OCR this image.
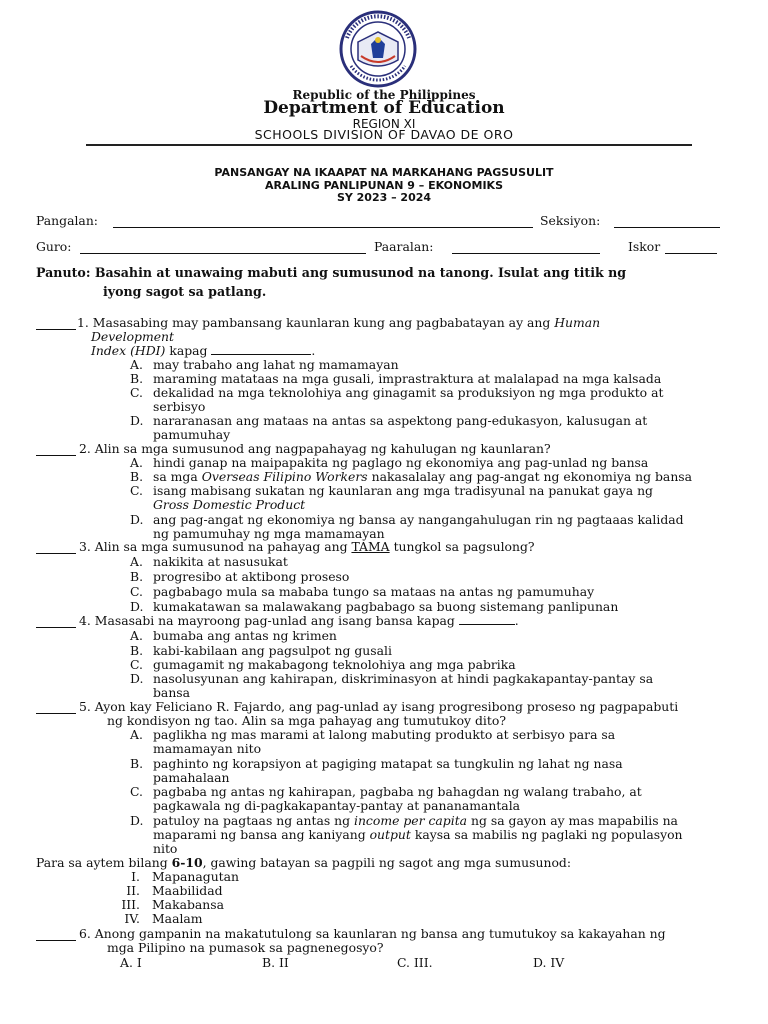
Republic of the Philippines
Department of Education
REGION XI
SCHOOLS DIVISION OF DAVAO DE ORO
PANSANGAY NA IKAAPAT NA MARKAHANG PAGSUSULIT
ARALING PANLIPUNAN 9 – EKONOMIKS
SY 2023 – 2024
Pangalan:	Seksiyon:
Guro:	Paaralan:	Iskor
Panuto: Basahin at unawaing mabuti ang sumusunod na tanong. Isulat ang titik ng
iyong sagot sa patlang.
1. Masasabing may pambansang kaunlaran kung ang pagbabatayan ay ang Human
Development
Index (HDI) kapag	.
A. may trabaho ang lahat ng mamamayan
B. maraming matataas na mga gusali, imprastraktura at malalapad na mga kalsada
C. dekalidad na mga teknolohiya ang ginagamit sa produksiyon ng mga produkto at
serbisyo
D. nararanasan ang mataas na antas sa aspektong pang-edukasyon, kalusugan at
pamumuhay
2. Alin sa mga sumusunod ang nagpapahayag ng kahulugan ng kaunlaran?
A. hindi ganap na maipapakita ng paglago ng ekonomiya ang pag-unlad ng bansa
B. sa mga Overseas Filipino Workers nakasalalay ang pag-angat ng ekonomiya ng bansa
C. isang mabisang sukatan ng kaunlaran ang mga tradisyunal na panukat gaya ng
Gross Domestic Product
D. ang pag-angat ng ekonomiya ng bansa ay nangangahulugan rin ng pagtaaas kalidad
ng pamumuhay ng mga mamamayan
3. Alin sa mga sumusunod na pahayag ang TAMA tungkol sa pagsulong?
A. nakikita at nasusukat
B. progresibo at aktibong proseso
C. pagbabago mula sa mababa tungo sa mataas na antas ng pamumuhay
D. kumakatawan sa malawakang pagbabago sa buong sistemang panlipunan
4. Masasabi na mayroong pag-unlad ang isang bansa kapag	.
A. bumaba ang antas ng krimen
B. kabi-kabilaan ang pagsulpot ng gusali
C. gumagamit ng makabagong teknolohiya ang mga pabrika
D. nasolusyunan ang kahirapan, diskriminasyon at hindi pagkakapantay-pantay sa
bansa
5. Ayon kay Feliciano R. Fajardo, ang pag-unlad ay isang progresibong proseso ng pagpapabuti
ng kondisyon ng tao. Alin sa mga pahayag ang tumutukoy dito?
A. paglikha ng mas marami at lalong mabuting produkto at serbisyo para sa
mamamayan nito
B. paghinto ng korapsiyon at pagiging matapat sa tungkulin ng lahat ng nasa
pamahalaan
C. pagbaba ng antas ng kahirapan, pagbaba ng bahagdan ng walang trabaho, at
pagkawala ng di-pagkakapantay-pantay at pananamantala
D. patuloy na pagtaas ng antas ng income per capita ng sa gayon ay mas mapabilis na
maparami ng bansa ang kaniyang output kaysa sa mabilis ng paglaki ng populasyon
nito
Para sa aytem bilang 6-10, gawing batayan sa pagpili ng sagot ang mga sumusunod:
I. Mapanagutan
II. Maabilidad
III. Makabansa
IV. Maalam
6. Anong gampanin na makatutulong sa kaunlaran ng bansa ang tumutukoy sa kakayahan ng
mga Pilipino na pumasok sa pagnenegosyo?
A. I	B. II	C. III.	D. IV
